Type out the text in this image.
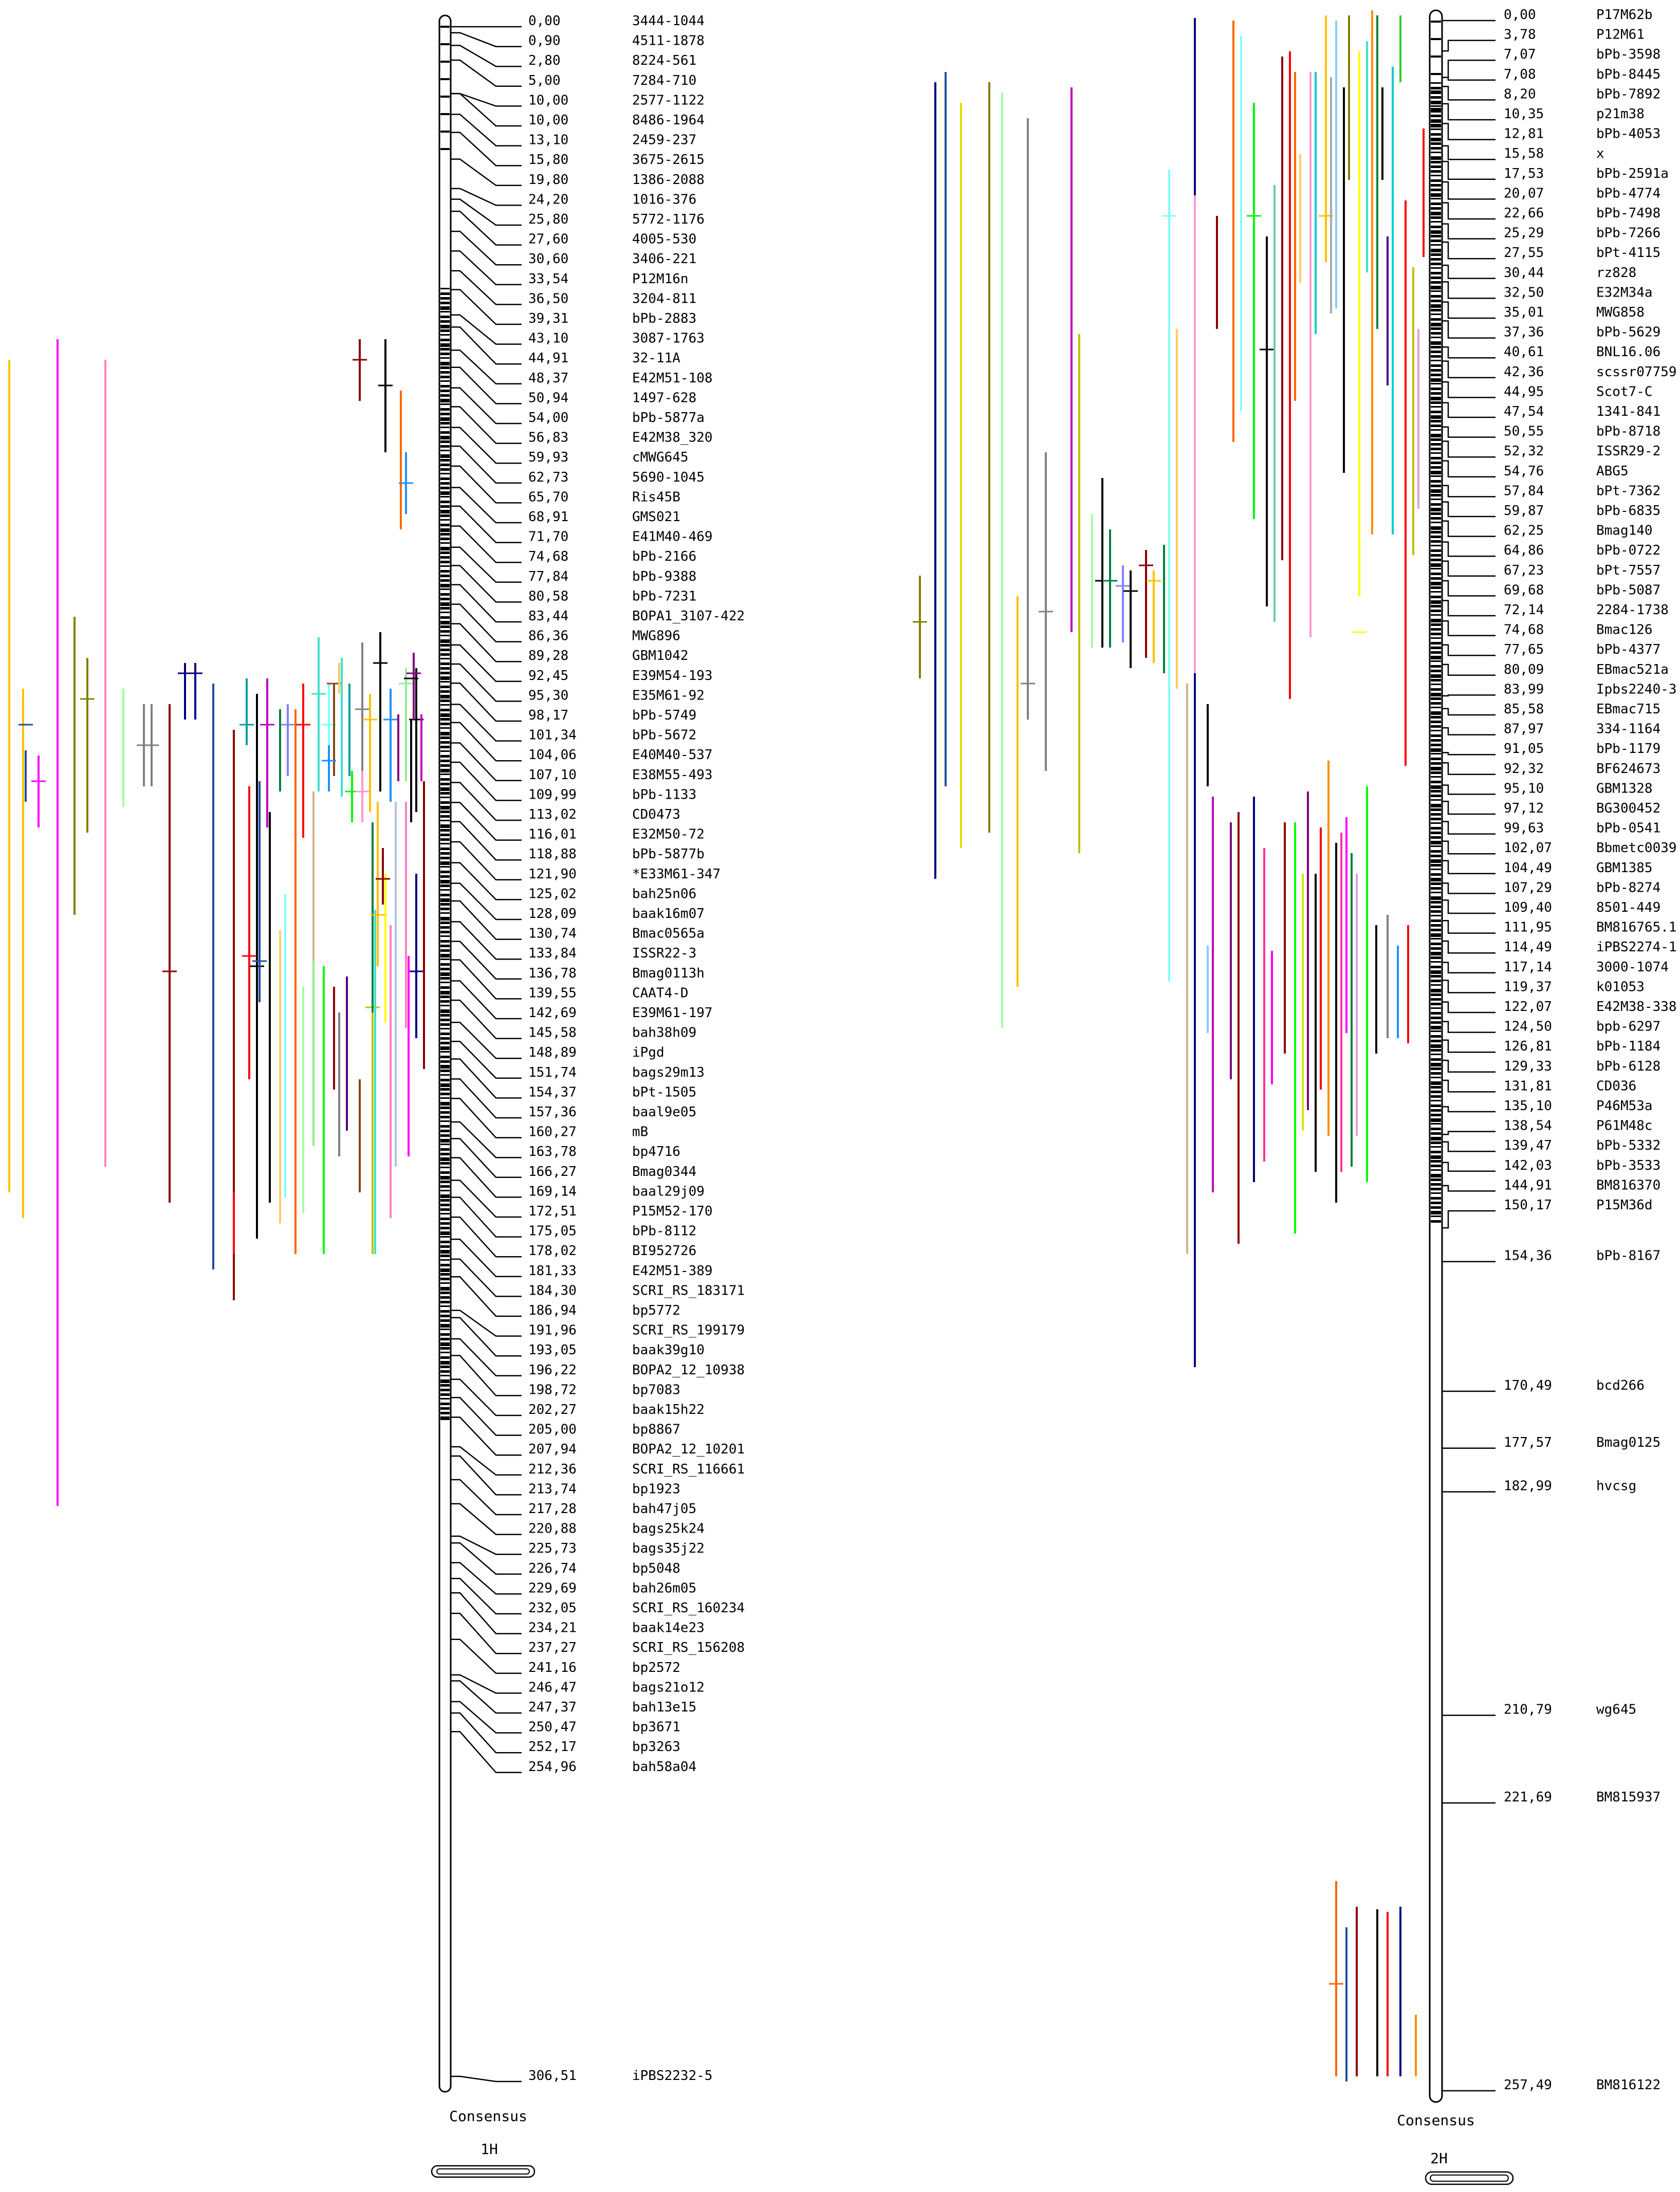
0,00	3444-1044
0,90	4511-1878
2,80	8224-561
5,00	7284-710
10,00	2577-1122
10,00	8486-1964
13,10	2459-237
15,80	3675-2615
19,80	1386-2088
24,20	1016-376
25,80	5772-1176
27,60	4005-530
30,60	3406-221
33,54	P12M16n
36,50	3204-811
39,31	bPb-2883
43,10	3087-1763
44,91	32-11A
48,37	E42M51-108
50,94	1497-628
54,00	bPb-5877a
56,83	E42M38_320
59,93	cMWG645
62,73	5690-1045
65,70	Ris45B
68,91	GMS021
71,70	E41M40-469
74,68	bPb-2166
77,84	bPb-9388
80,58	bPb-7231
83,44	BOPA1_3107-422
86,36	MWG896
89,28	GBM1042
92,45	E39M54-193
95,30	E35M61-92
98,17	bPb-5749
101,34	bPb-5672
104,06	E40M40-537
107,10	E38M55-493
109,99	bPb-1133
113,02	CD0473
116,01	E32M50-72
118,88	bPb-5877b
121,90	*E33M61-347
125,02	bah25n06
128,09	baak16m07
130,74	Bmac0565a
133,84	ISSR22-3
136,78	Bmag0113h
139,55	CAAT4-D
142,69	E39M61-197
145,58	bah38h09
148,89	iPgd
151,74	bags29m13
154,37	bPt-1505
157,36	baal9e05
160,27	mB
163,78	bp4716
166,27	Bmag0344
169,14	baal29j09
172,51	P15M52-170
175,05	bPb-8112
178,02	BI952726
181,33	E42M51-389
184,30	SCRI_RS_183171
186,94	bp5772
191,96	SCRI_RS_199179
193,05	baak39g10
196,22	BOPA2_12_10938
198,72	bp7083
202,27	baak15h22
205,00	bp8867
207,94	BOPA2_12_10201
212,36	SCRI_RS_116661
213,74	bp1923
217,28	bah47j05
220,88	bags25k24
225,73	bags35j22
226,74	bp5048
229,69	bah26m05
232,05	SCRI_RS_160234
234,21	baak14e23
237,27	SCRI_RS_156208
241,16	bp2572
246,47	bags21o12
247,37	bah13e15
250,47	bp3671
252,17	bp3263
254,96	bah58a04
306,51	iPBS2232-5
0,00	P17M62b
3,78	P12M61
7,07	bPb-3598
7,08	bPb-8445
8,20	bPb-7892
10,35	p21m38
12,81	bPb-4053
15,58	x
17,53	bPb-2591a
20,07	bPb-4774
22,66	bPb-7498
25,29	bPb-7266
27,55	bPt-4115
30,44	rz828
32,50	E32M34a
35,01	MWG858
37,36	bPb-5629
40,61	BNL16.06
42,36	scssr07759
44,95	Scot7-C
47,54	1341-841
50,55	bPb-8718
52,32	ISSR29-2
54,76	ABG5
57,84	bPt-7362
59,87	bPb-6835
62,25	Bmag140
64,86	bPb-0722
67,23	bPt-7557
69,68	bPb-5087
72,14	2284-1738
74,68	Bmac126
77,65	bPb-4377
80,09	EBmac521a
83,99	Ipbs2240-3
85,58	EBmac715
87,97	334-1164
91,05	bPb-1179
92,32	BF624673
95,10	GBM1328
97,12	BG300452
99,63	bPb-0541
102,07	Bbmetc0039
104,49	GBM1385
107,29	bPb-8274
109,40	8501-449
111,95	BM816765.1
114,49	iPBS2274-1
117,14	3000-1074
119,37	k01053
122,07	E42M38-338
124,50	bpb-6297
126,81	bPb-1184
129,33	bPb-6128
131,81	CD036
135,10	P46M53a
138,54	P61M48c
139,47	bPb-5332
142,03	bPb-3533
144,91	BM816370
150,17	P15M36d
154,36	bPb-8167
170,49	bcd266
177,57	Bmag0125
182,99	hvcsg
210,79	wg645
221,69	BM815937
257,49	BM816122
Consensus
1H
Consensus
2H
